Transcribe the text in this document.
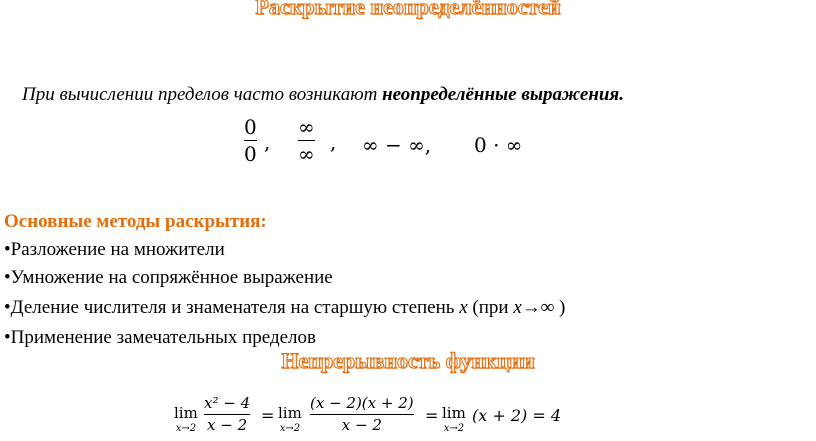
Раскрытие неопределённостей
При вычислении пределов часто возникают неопределённые выражения.
0
0 ,
∞
∞ , ∞ − ∞, 0 · ∞
Основные методы раскрытия:
•Разложение на множители
•Умножение на сопряжённое выражение
•Деление числителя и знаменателя на старшую степень x (при x→∞ )
•Применение замечательных пределов
Непрерывность функции
lim
x→2
x² − 4
x − 2 = lim
x→2
(x − 2)(x + 2)
x − 2	= lim
x→2
(x + 2) = 4
